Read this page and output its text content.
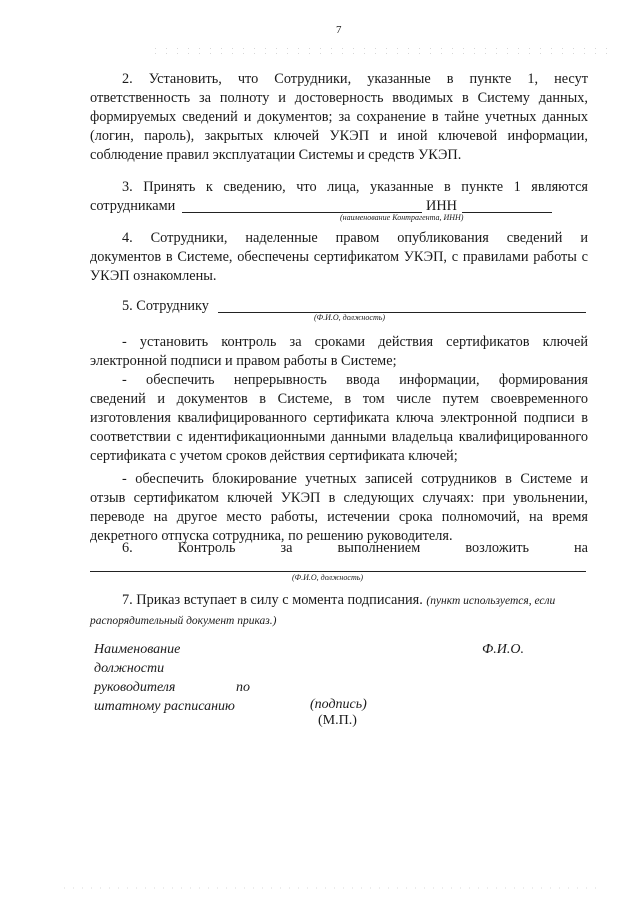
7
2. Установить, что Сотрудники, указанные в пункте 1, несут
ответственность за полноту и достоверность вводимых в Систему данных, формируемых сведений и документов; за сохранение в тайне учетных данных (логин, пароль), закрытых ключей УКЭП и иной ключевой информации, соблюдение правил эксплуатации Системы и средств УКЭП.
3. Принять к сведению, что лица, указанные в пункте 1 являются
сотрудниками	ИНН
(наименование Контрагента, ИНН)
4. Сотрудники, наделенные правом опубликования сведений и
документов в Системе, обеспечены сертификатом УКЭП, с правилами работы с УКЭП ознакомлены.
5. Сотруднику
(Ф.И.О, должность)
- установить контроль за сроками действия сертификатов ключей
электронной подписи и правом работы в Системе;
- обеспечить непрерывность ввода информации, формирования
сведений и документов в Системе, в том числе путем своевременного изготовления квалифицированного сертификата ключа электронной подписи в соответствии с идентификационными данными владельца квалифицированного сертификата с учетом сроков действия сертификата ключей;
- обеспечить блокирование учетных записей сотрудников в Системе и
отзыв сертификатом ключей УКЭП в следующих случаях: при увольнении, переводе на другое место работы, истечении срока полномочий, на время декретного отпуска сотрудника, по решению руководителя.
6. Контроль за выполнением возложить на
(Ф.И.О, должность)
7. Приказ вступает в силу с момента подписания. (пункт используется, если распорядительный документ приказ.)
Наименование
должности
руководителя	по
штатному расписанию
Ф.И.О.
(подпись)
(М.П.)
